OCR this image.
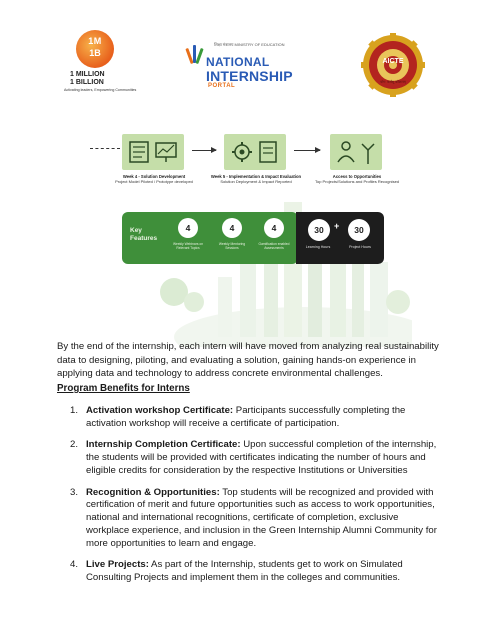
1M
1B
1 MILLION
1 BILLION
Activating leaders, Empowering Communities
शिक्षा मंत्रालय MINISTRY OF EDUCATION
NATIONAL
INTERNSHIP
PORTAL
AICTE
योग: कर्मसु कौशलम्
Week 4 - Solution Development
Project Model Piloted / Prototype developed
Week 5 - Implementation & Impact Evaluation
Solution Deployment & Impact Reported
Access to Opportunities
Top Projects/Solutions and Profiles Recognised
Key Features
4
Weekly Webinars on Relevant Topics
4
Weekly Mentoring Sessions
4
Gamification enabled Assessments
30	+	30
Learning Hours	Project Hours

By the end of the internship, each intern will have moved from analyzing real sustainability data to designing, piloting, and evaluating a solution, gaining hands-on experience in applying data and technology to address concrete environmental challenges.

Program Benefits for Interns
1. Activation workshop Certificate: Participants successfully completing the activation workshop will receive a certificate of participation.
2. Internship Completion Certificate: Upon successful completion of the internship, the students will be provided with certificates indicating the number of hours and eligible credits for consideration by the respective Institutions or Universities
3. Recognition & Opportunities: Top students will be recognized and provided with certification of merit and future opportunities such as access to work opportunities, national and international recognitions, certificate of completion, exclusive workplace experience, and inclusion in the Green Internship Alumni Community for more opportunities to learn and engage.
4. Live Projects: As part of the Internship, students get to work on Simulated Consulting Projects and implement them in the colleges and communities.
